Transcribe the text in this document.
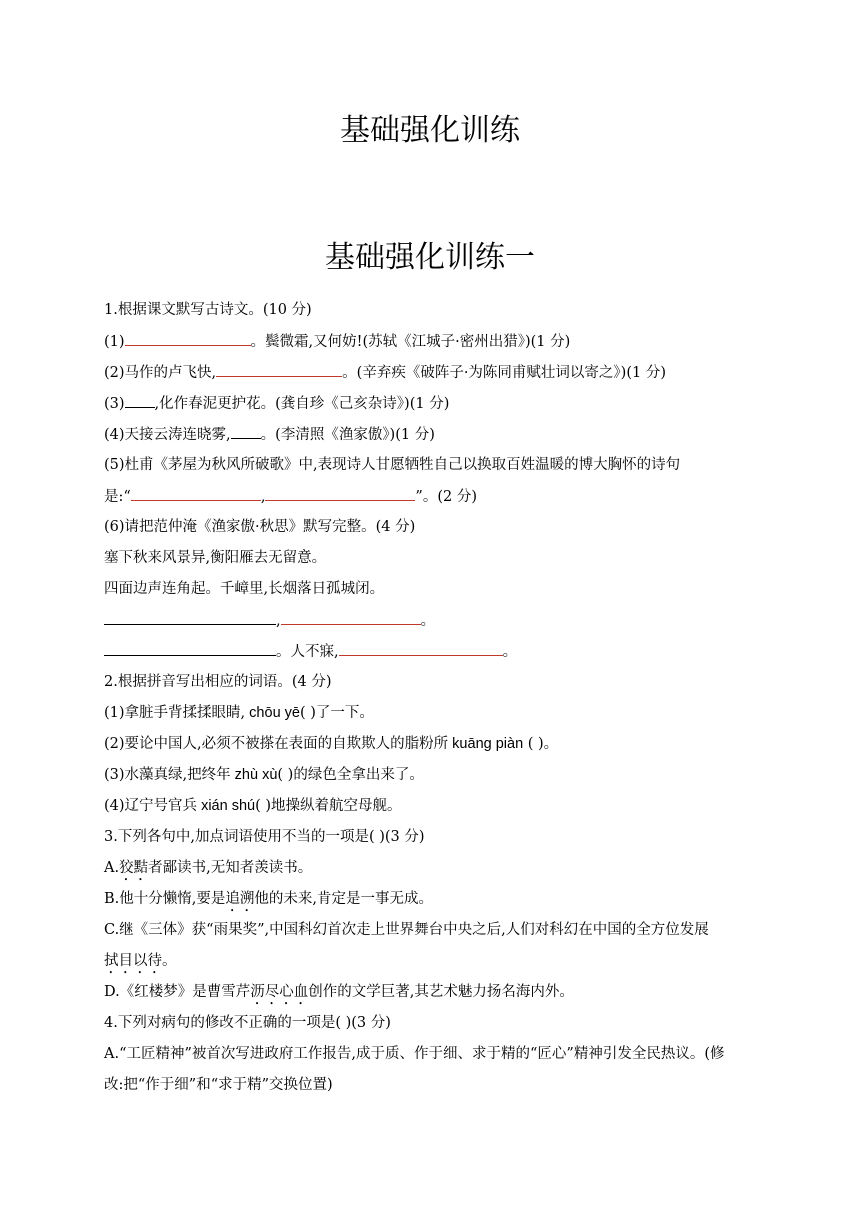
基础强化训练
基础强化训练一
1.根据课文默写古诗文。(10 分)
(1)	。鬓微霜,又何妨!(苏轼《江城子·密州出猎》)(1 分)
(2)马作的卢飞快,	。(辛弃疾《破阵子·为陈同甫赋壮词以寄之》)(1 分)
(3) ,化作春泥更护花。(龚自珍《己亥杂诗》)(1 分)
(4)天接云涛连晓雾, 。(李清照《渔家傲》)(1 分)
(5)杜甫《茅屋为秋风所破歌》中,表现诗人甘愿牺牲自己以换取百姓温暖的博大胸怀的诗句
是:“	,	”。(2 分)
(6)请把范仲淹《渔家傲·秋思》默写完整。(4 分)
塞下秋来风景异,衡阳雁去无留意。
四面边声连角起。千嶂里,长烟落日孤城闭。
,	。
。人不寐,	。
2.根据拼音写出相应的词语。(4 分)
(1)拿脏手背揉揉眼睛, chōu yē( )了一下。
(2)要论中国人,必须不被搽在表面的自欺欺人的脂粉所 kuāng piàn ( )。
(3)水藻真绿,把终年 zhù xù( )的绿色全拿出来了。
(4)辽宁号官兵 xián shú( )地操纵着航空母舰。
3.下列各句中,加点词语使用不当的一项是( )(3 分)
A.狡黠者鄙读书,无知者羡读书。
B.他十分懒惰,要是追溯他的未来,肯定是一事无成。
C.继《三体》获“雨果奖”,中国科幻首次走上世界舞台中央之后,人们对科幻在中国的全方位发展
拭目以待。
D.《红楼梦》是曹雪芹沥尽心血创作的文学巨著,其艺术魅力扬名海内外。
4.下列对病句的修改不正确的一项是( )(3 分)
A.“工匠精神”被首次写进政府工作报告,成于质、作于细、求于精的“匠心”精神引发全民热议。(修
改:把“作于细”和“求于精”交换位置)
